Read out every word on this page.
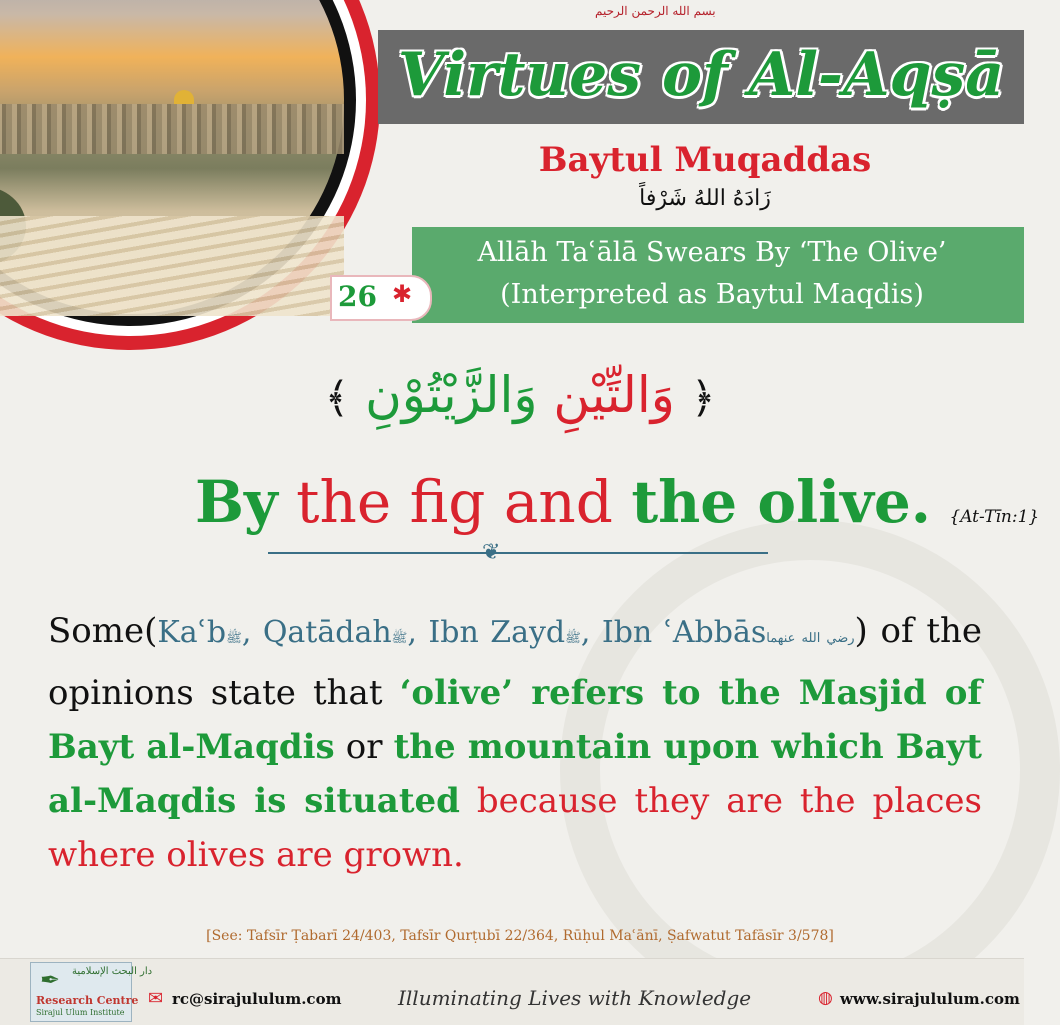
بسم الله الرحمن الرحيم
Virtues of Al-Aqṣā
Baytul Muqaddas
زَادَهُ اللهُ شَرْفاً
Allāh Taʿālā Swears By ‘The Olive’
(Interpreted as Baytul Maqdis)
26 ✱
﴿ وَالتِّيْنِ وَالزَّيْتُوْنِ ﴾
By the fig and the olive. {At-Tīn:1}
❦
Some(Kaʿbﷺ, Qatādahﷺ, Ibn Zaydﷺ, Ibn ʿAbbāsرضي الله عنهما) of the opinions state that ‘olive’ refers to the Masjid of Bayt al-Maqdis or the mountain upon which Bayt al-Maqdis is situated because they are the places where olives are grown.
[See: Tafsīr Ṭabarī 24/403, Tafsīr Qurṭubī 22/364, Rūḥul Maʿānī, Ṣafwatut Tafāsīr 3/578]
✒ دار البحث الإسلامية
Research Centre
Sirajul Ulum Institute
✉ rc@sirajululum.com	Illuminating Lives with Knowledge	◍ www.sirajululum.com
